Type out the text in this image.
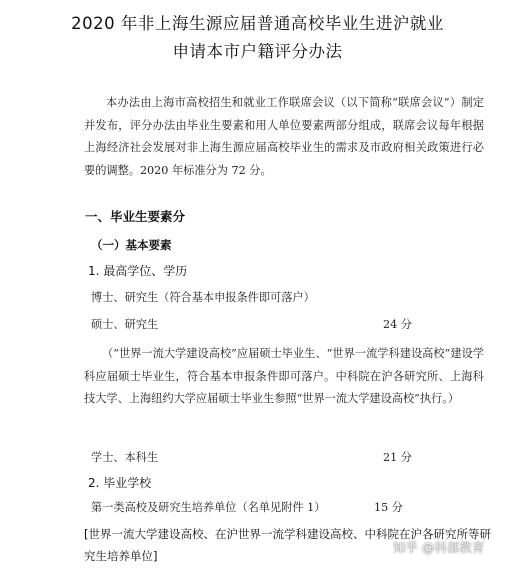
2020 年非上海生源应届普通高校毕业生进沪就业
申请本市户籍评分办法
本办法由上海市高校招生和就业工作联席会议（以下简称“联席会议”）制定并发布，评分办法由毕业生要素和用人单位要素两部分组成，联席会议每年根据上海经济社会发展对非上海生源应届高校毕业生的需求及市政府相关政策进行必要的调整。2020 年标准分为 72 分。
一、毕业生要素分
（一）基本要素
1. 最高学位、学历
博士、研究生（符合基本申报条件即可落户）
硕士、研究生	24 分
（“世界一流大学建设高校”应届硕士毕业生、“世界一流学科建设高校”建设学科应届硕士毕业生，符合基本申报条件即可落户。中科院在沪各研究所、上海科技大学、上海纽约大学应届硕士毕业生参照“世界一流大学建设高校”执行。）
学士、本科生	21 分
2. 毕业学校
第一类高校及研究生培养单位（名单见附件 1）	15 分
[世界一流大学建设高校、在沪世界一流学科建设高校、中科院在沪各研究所等研究生培养单位]
知乎 @科部教育
